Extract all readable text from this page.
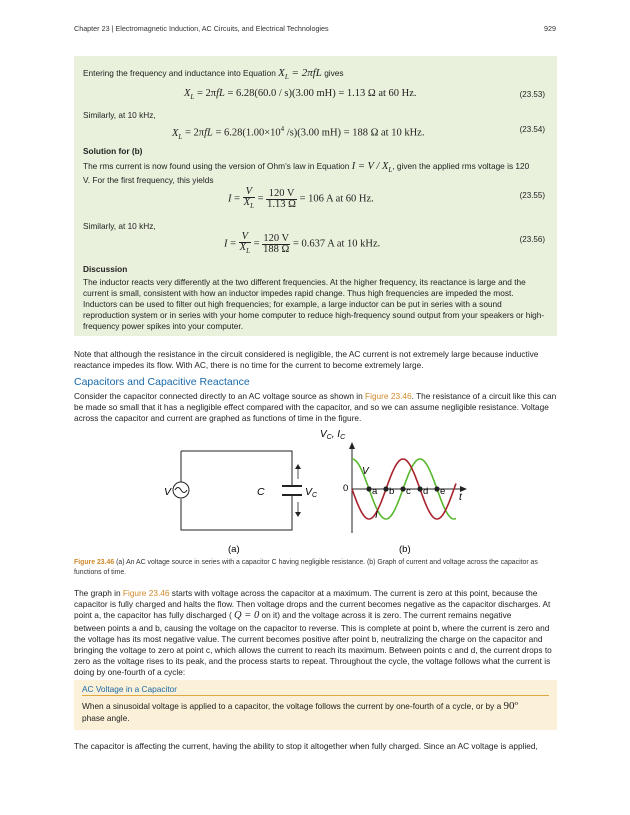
Chapter 23 | Electromagnetic Induction, AC Circuits, and Electrical Technologies	929
Entering the frequency and inductance into Equation $X_L = 2\pi fL$ gives
$X_L = 2\pi fL = 6.28(60.0 / s)(3.00$ mH) = 1.13 Ω at 60 Hz.	(23.53)
Similarly, at 10 kHz,
$X_L = 2\pi fL = 6.28(1.00\times 10^4$ /s)(3.00 mH) = 188 Ω at 10 kHz.	(23.54)
Solution for (b)
The rms current is now found using the version of Ohm’s law in Equation $I = V / X_L$, given the applied rms voltage is 120
V. For the first frequency, this yields
$I = \frac{V}{X_L} = \frac{120 V}{1.13 \Omega} = 106$ A at 60 Hz.	(23.55)
Similarly, at 10 kHz,
$I = \frac{V}{X_L} = \frac{120 V}{188 \Omega} = 0.637$ A at 10 kHz.	(23.56)
Discussion
The inductor reacts very differently at the two different frequencies. At the higher frequency, its reactance is large and the current is small, consistent with how an inductor impedes rapid change. Thus high frequencies are impeded the most. Inductors can be used to filter out high frequencies; for example, a large inductor can be put in series with a sound reproduction system or in series with your home computer to reduce high-frequency sound output from your speakers or high-frequency power spikes into your computer.
Note that although the resistance in the circuit considered is negligible, the AC current is not extremely large because inductive reactance impedes its flow. With AC, there is no time for the current to become extremely large.
Capacitors and Capacitive Reactance
Consider the capacitor connected directly to an AC voltage source as shown in Figure 23.46. The resistance of a circuit like this can be made so small that it has a negligible effect compared with the capacitor, and so we can assume negligible resistance. Voltage across the capacitor and current are graphed as functions of time in the figure.
V	C	VC
(a)
$V_C$, $I_C$
0
t
V
I
a b c d e
(b)
Figure 23.46 (a) An AC voltage source in series with a capacitor C having negligible resistance. (b) Graph of current and voltage across the capacitor as functions of time.
The graph in Figure 23.46 starts with voltage across the capacitor at a maximum. The current is zero at this point, because the capacitor is fully charged and halts the flow. Then voltage drops and the current becomes negative as the capacitor discharges. At point a, the capacitor has fully discharged ( Q = 0 on it) and the voltage across it is zero. The current remains negative
between points a and b, causing the voltage on the capacitor to reverse. This is complete at point b, where the current is zero and the voltage has its most negative value. The current becomes positive after point b, neutralizing the charge on the capacitor and bringing the voltage to zero at point c, which allows the current to reach its maximum. Between points c and d, the current drops to zero as the voltage rises to its peak, and the process starts to repeat. Throughout the cycle, the voltage follows what the current is doing by one-fourth of a cycle:
AC Voltage in a Capacitor
When a sinusoidal voltage is applied to a capacitor, the voltage follows the current by one-fourth of a cycle, or by a 90º
phase angle.
The capacitor is affecting the current, having the ability to stop it altogether when fully charged. Since an AC voltage is applied,
